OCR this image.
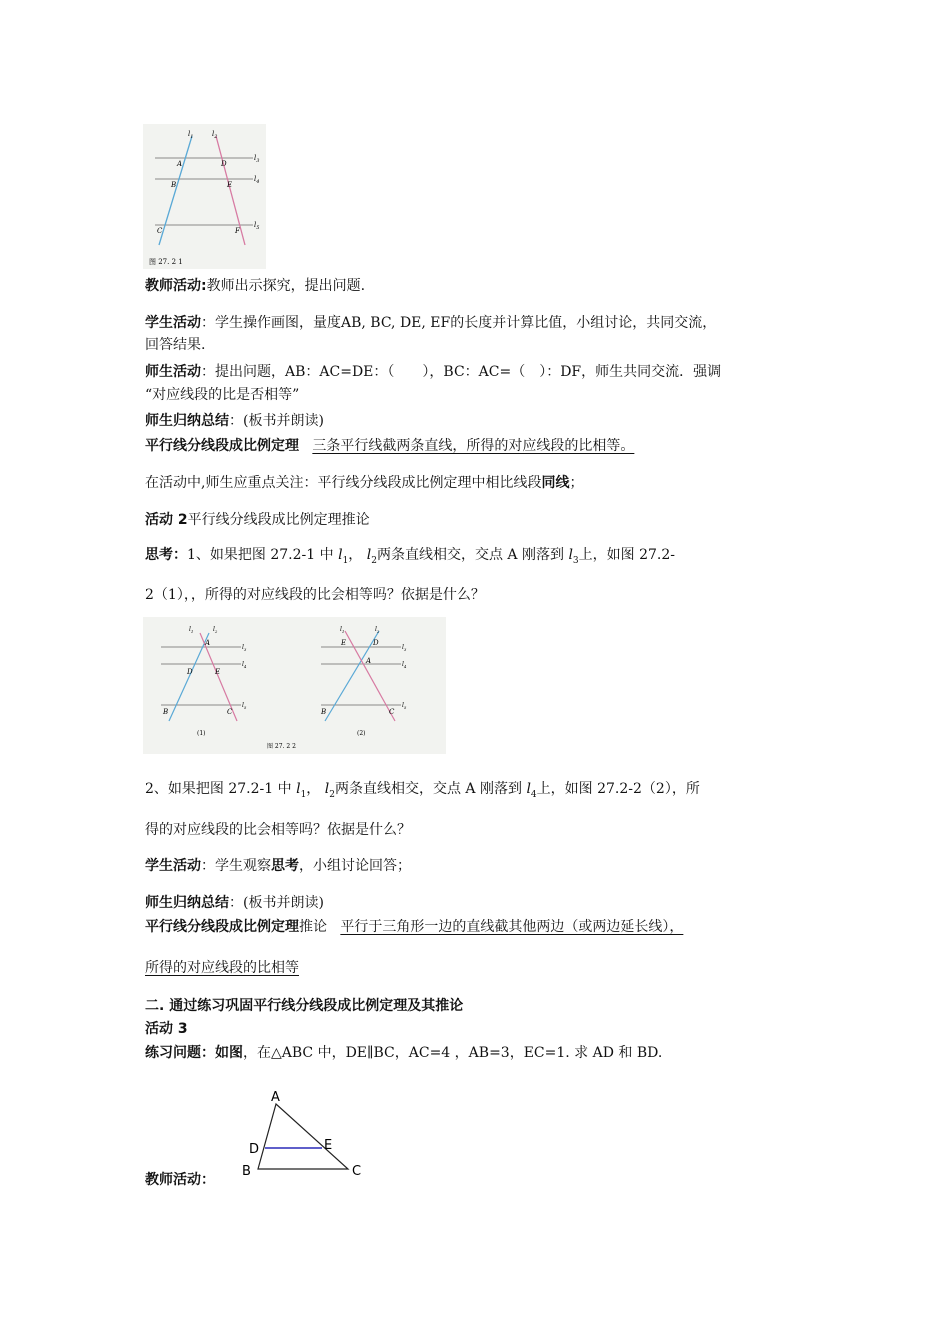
$l_1$	$l_2$
$l_3$
$l_4$
$l_5$
A
B
C
D
E
F
图 27. 2 1
教师活动:教师出示探究，提出问题.
学生活动：学生操作画图，量度AB, BC, DE, EF的长度并计算比值，小组讨论，共同交流，
回答结果.
师生活动：提出问题，AB：AC=DE：（　　），BC：AC=（　）：DF，师生共同交流．强调
“对应线段的比是否相等”
师生归纳总结：(板书并朗读)
平行线分线段成比例定理 三条平行线截两条直线，所得的对应线段的比相等。
在活动中,师生应重点关注：平行线分线段成比例定理中相比线段同线；
活动 2平行线分线段成比例定理推论
思考：1、如果把图 27.2-1 中 $l_1$， $l_2$两条直线相交，交点 A 刚落到 $l_3$上，如图 27.2-
2（1），，所得的对应线段的比会相等吗？依据是什么？
$l_1$	$l_2$
$l_3$
$l_4$
$l_5$
A
D	E
B	C
(1)
$l_1$	$l_2$
$l_3$
$l_4$
$l_5$
E	D
A
B	C
(2)
图 27. 2 2
2、如果把图 27.2-1 中 $l_1$， $l_2$两条直线相交，交点 A 刚落到 $l_4$上，如图 27.2-2（2），所
得的对应线段的比会相等吗？依据是什么？
学生活动：学生观察思考，小组讨论回答；
师生归纳总结：(板书并朗读)
平行线分线段成比例定理推论 平行于三角形一边的直线截其他两边（或两边延长线），
所得的对应线段的比相等
二. 通过练习巩固平行线分线段成比例定理及其推论
活动 3
练习问题：如图，在△ABC 中，DE∥BC，AC=4 ，AB=3，EC=1. 求 AD 和 BD.
A
D	E
B	C
教师活动：
